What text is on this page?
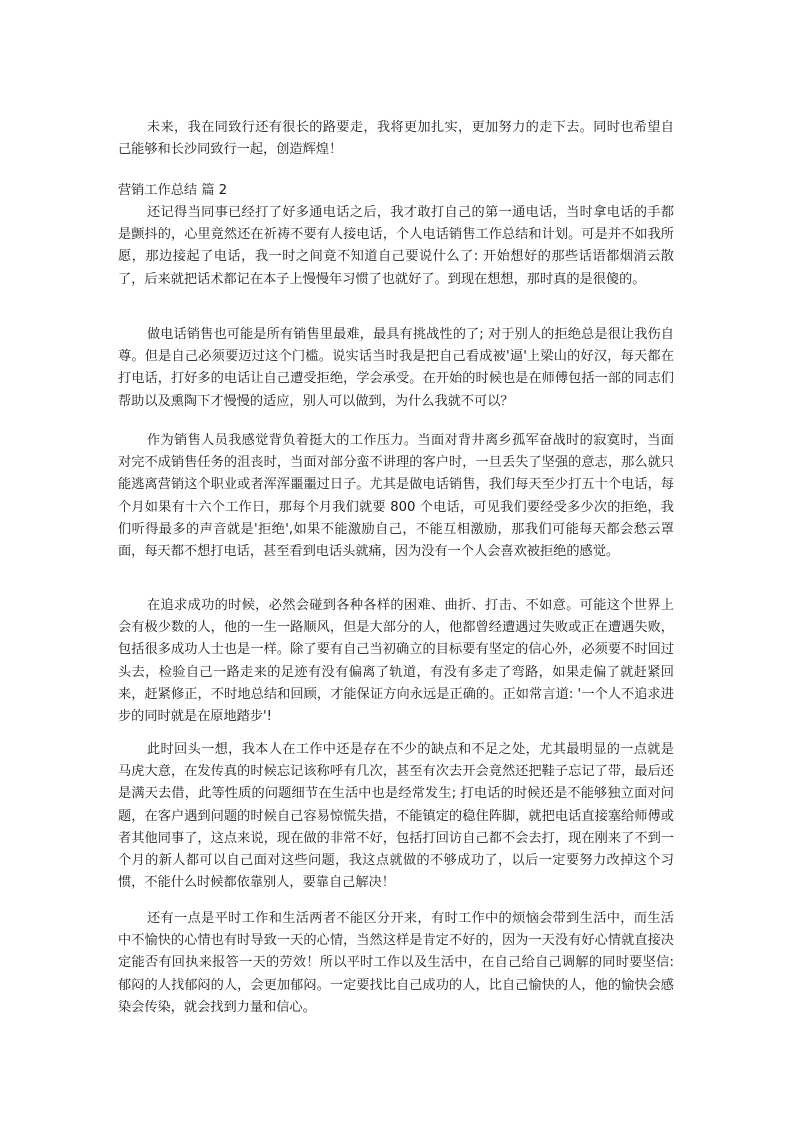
未来，我在同致行还有很长的路要走，我将更加扎实，更加努力的走下去。同时也希望自己能够和长沙同致行一起，创造辉煌！

营销工作总结 篇 2

还记得当同事已经打了好多通电话之后，我才敢打自己的第一通电话，当时拿电话的手都是颤抖的，心里竟然还在祈祷不要有人接电话，个人电话销售工作总结和计划。可是并不如我所愿，那边接起了电话，我一时之间竟不知道自己要说什么了: 开始想好的那些话语都烟消云散了，后来就把话术都记在本子上慢慢年习惯了也就好了。到现在想想，那时真的是很傻的。

做电话销售也可能是所有销售里最难，最具有挑战性的了; 对于别人的拒绝总是很让我伤自尊。但是自己必须要迈过这个门槛。说实话当时我是把自己看成被'逼'上梁山的好汉，每天都在打电话，打好多的电话让自己遭受拒绝，学会承受。在开始的时候也是在师傅包括一部的同志们帮助以及熏陶下才慢慢的适应，别人可以做到，为什么我就不可以？

作为销售人员我感觉背负着挺大的工作压力。当面对背井离乡孤军奋战时的寂寞时，当面对完不成销售任务的沮丧时，当面对部分蛮不讲理的客户时，一旦丢失了坚强的意志，那么就只能逃离营销这个职业或者浑浑噩噩过日子。尤其是做电话销售，我们每天至少打五十个电话，每个月如果有十六个工作日，那每个月我们就要 800 个电话，可见我们要经受多少次的拒绝，我们听得最多的声音就是'拒绝',如果不能激励自己，不能互相激励，那我们可能每天都会愁云罩面，每天都不想打电话，甚至看到电话头就痛，因为没有一个人会喜欢被拒绝的感觉。

在追求成功的时候，必然会碰到各种各样的困难、曲折、打击、不如意。可能这个世界上会有极少数的人，他的一生一路顺风，但是大部分的人，他都曾经遭遇过失败或正在遭遇失败，包括很多成功人士也是一样。除了要有自己当初确立的目标要有坚定的信心外，必须要不时回过头去，检验自己一路走来的足迹有没有偏离了轨道，有没有多走了弯路，如果走偏了就赶紧回来，赶紧修正，不时地总结和回顾，才能保证方向永远是正确的。正如常言道: '一个人不追求进步的同时就是在原地踏步'!

此时回头一想，我本人在工作中还是存在不少的缺点和不足之处，尤其最明显的一点就是马虎大意，在发传真的时候忘记该称呼有几次，甚至有次去开会竟然还把鞋子忘记了带，最后还是满天去借，此等性质的问题细节在生活中也是经常发生; 打电话的时候还是不能够独立面对问题，在客户遇到问题的时候自己容易惊慌失措，不能镇定的稳住阵脚，就把电话直接塞给师傅或者其他同事了，这点来说，现在做的非常不好，包括打回访自己都不会去打，现在刚来了不到一个月的新人都可以自己面对这些问题，我这点就做的不够成功了，以后一定要努力改掉这个习惯，不能什么时候都依靠别人，要靠自己解决！

还有一点是平时工作和生活两者不能区分开来，有时工作中的烦恼会带到生活中，而生活中不愉快的心情也有时导致一天的心情，当然这样是肯定不好的，因为一天没有好心情就直接决定能否有回执来报答一天的劳效！所以平时工作以及生活中，在自己给自己调解的同时要坚信: 郁闷的人找郁闷的人，会更加郁闷。一定要找比自己成功的人，比自己愉快的人，他的愉快会感染会传染，就会找到力量和信心。
